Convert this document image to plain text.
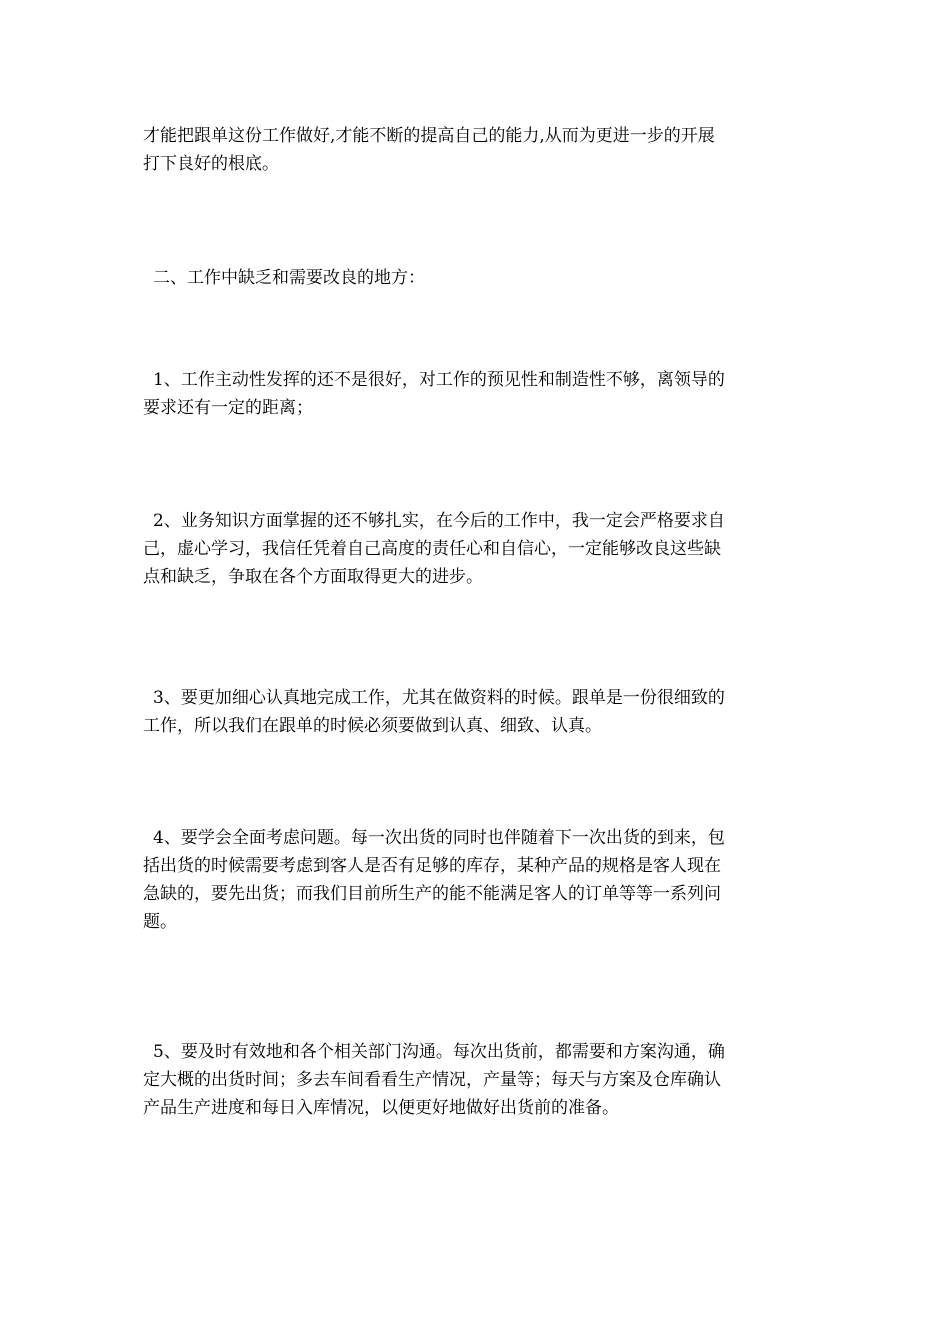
才能把跟单这份工作做好,才能不断的提高自己的能力,从而为更进一步的开展
打下良好的根底。

二、工作中缺乏和需要改良的地方：

1、工作主动性发挥的还不是很好，对工作的预见性和制造性不够，离领导的
要求还有一定的距离；

2、业务知识方面掌握的还不够扎实，在今后的工作中，我一定会严格要求自
己，虚心学习，我信任凭着自己高度的责任心和自信心，一定能够改良这些缺
点和缺乏，争取在各个方面取得更大的进步。

3、要更加细心认真地完成工作，尤其在做资料的时候。跟单是一份很细致的
工作，所以我们在跟单的时候必须要做到认真、细致、认真。

4、要学会全面考虑问题。每一次出货的同时也伴随着下一次出货的到来，包
括出货的时候需要考虑到客人是否有足够的库存，某种产品的规格是客人现在
急缺的，要先出货；而我们目前所生产的能不能满足客人的订单等等一系列问
题。

5、要及时有效地和各个相关部门沟通。每次出货前，都需要和方案沟通，确
定大概的出货时间；多去车间看看生产情况，产量等；每天与方案及仓库确认
产品生产进度和每日入库情况，以便更好地做好出货前的准备。
